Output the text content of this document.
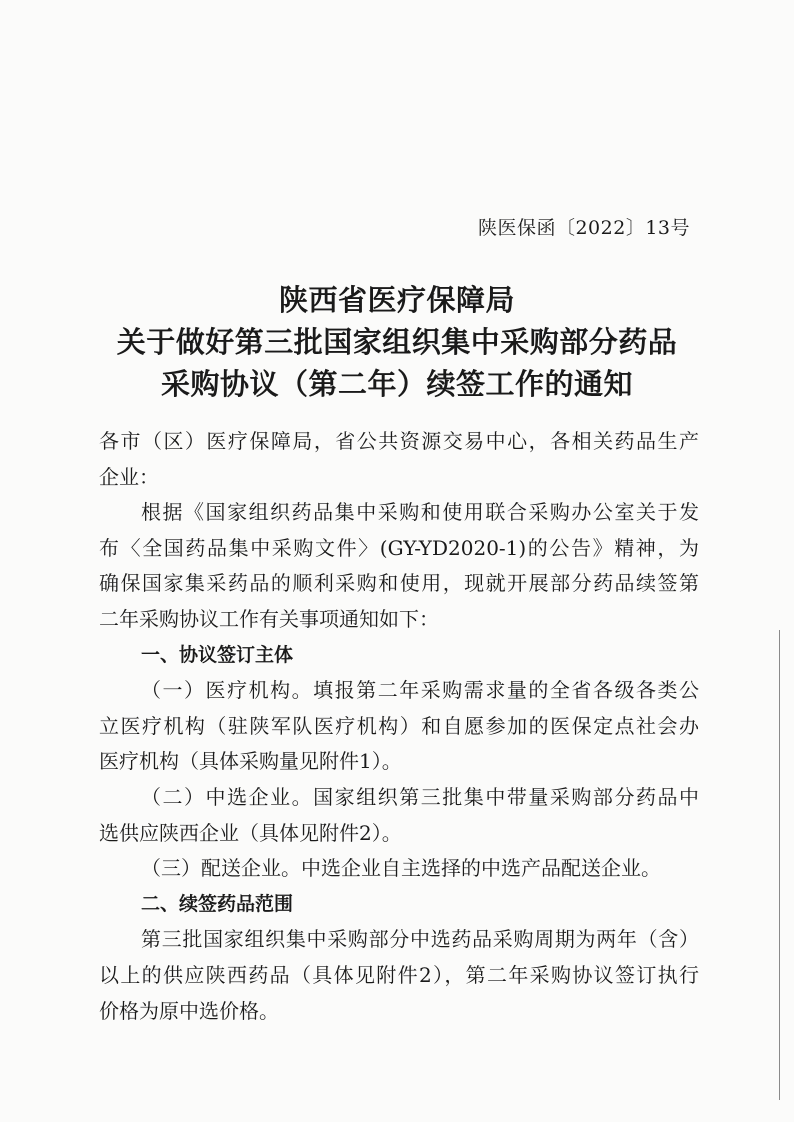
陕医保函〔2022〕13号
陕西省医疗保障局
关于做好第三批国家组织集中采购部分药品
采购协议（第二年）续签工作的通知
各市（区）医疗保障局，省公共资源交易中心，各相关药品生产
企业：
根据《国家组织药品集中采购和使用联合采购办公室关于发
布〈全国药品集中采购文件〉(GY-YD2020-1)的公告》精神，为
确保国家集采药品的顺利采购和使用，现就开展部分药品续签第
二年采购协议工作有关事项通知如下：
一、协议签订主体
（一）医疗机构。填报第二年采购需求量的全省各级各类公
立医疗机构（驻陕军队医疗机构）和自愿参加的医保定点社会办
医疗机构（具体采购量见附件1）。
（二）中选企业。国家组织第三批集中带量采购部分药品中
选供应陕西企业（具体见附件2）。
（三）配送企业。中选企业自主选择的中选产品配送企业。
二、续签药品范围
第三批国家组织集中采购部分中选药品采购周期为两年（含）
以上的供应陕西药品（具体见附件2），第二年采购协议签订执行
价格为原中选价格。
